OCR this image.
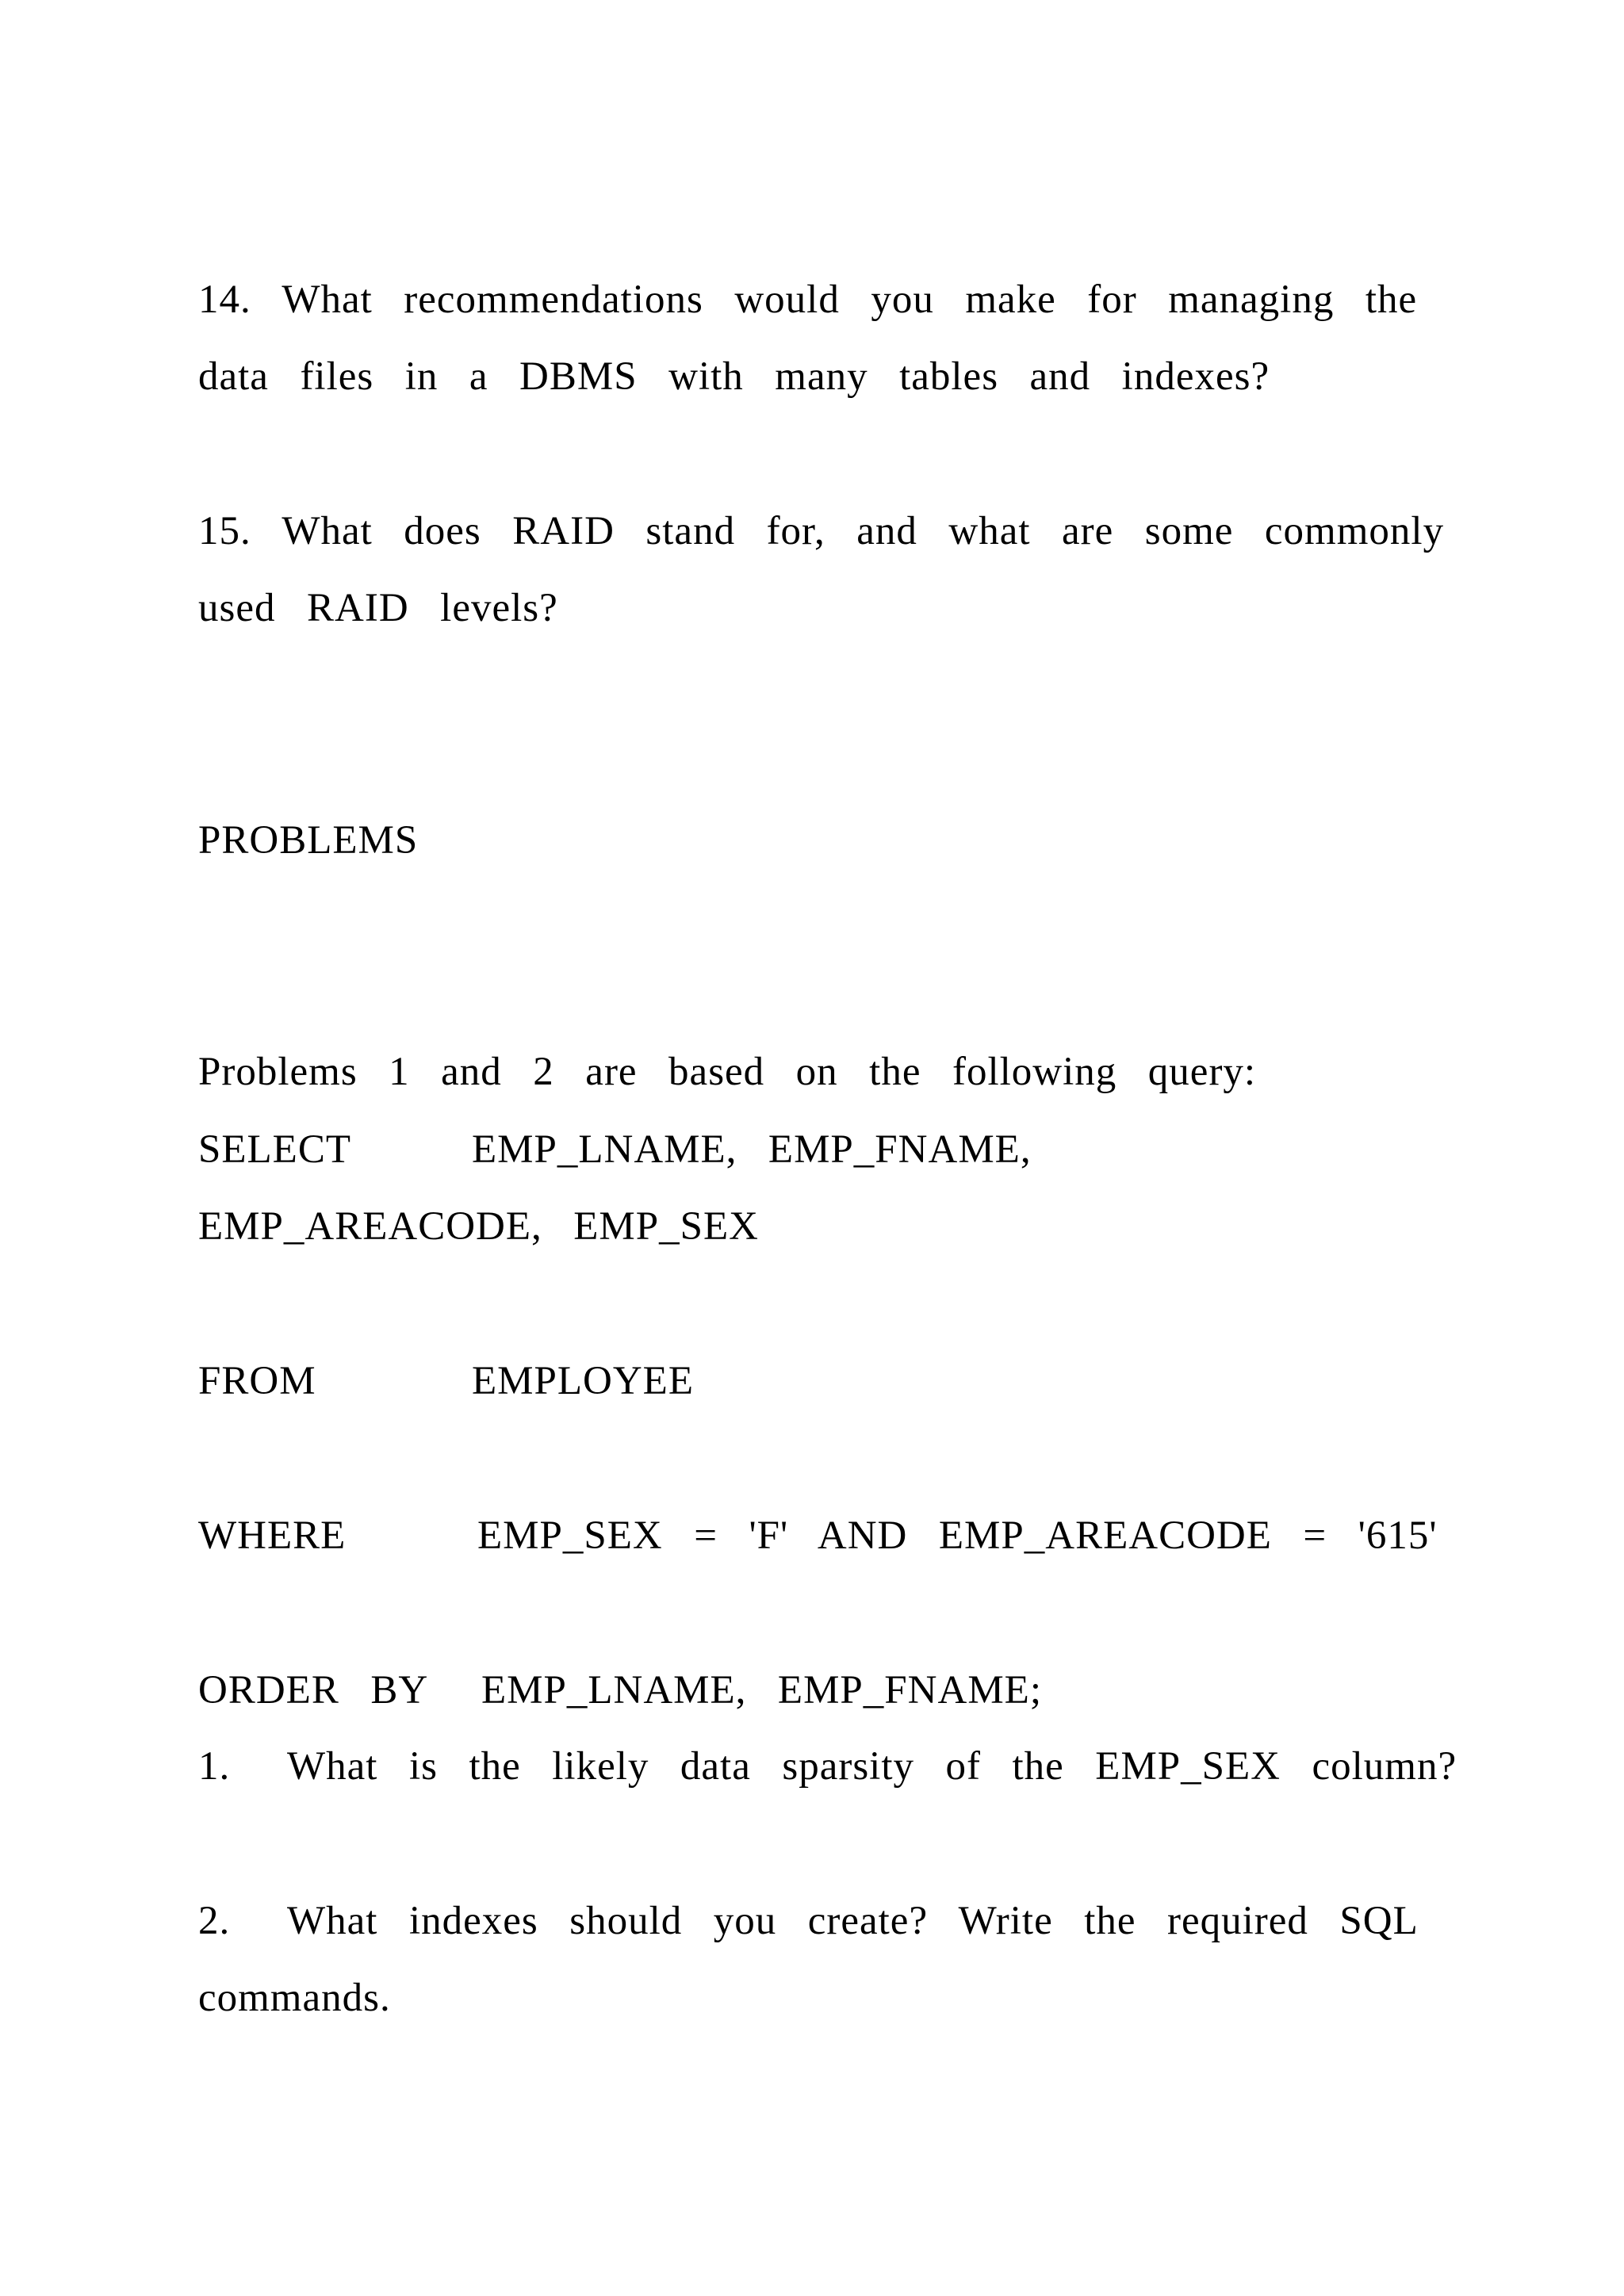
14.  What  recommendations  would  you  make  for  managing  the
data  files  in  a  DBMS  with  many  tables  and  indexes?
15.  What  does  RAID  stand  for,  and  what  are  some  commonly
used  RAID  levels?
PROBLEMS
Problems  1  and  2  are  based  on  the  following  query:

SELECT

	EMP_LNAME,  EMP_FNAME,

EMP_AREACODE,  EMP_SEX

FROM

	EMPLOYEE

WHERE

	EMP_SEX  =  'F'  AND  EMP_AREACODE  =  '615'

ORDER  BY

EMP_LNAME,  EMP_FNAME;

1.

What  is  the  likely  data  sparsity  of  the  EMP_SEX  column?

2.

What  indexes  should  you  create?  Write  the  required  SQL

commands.
